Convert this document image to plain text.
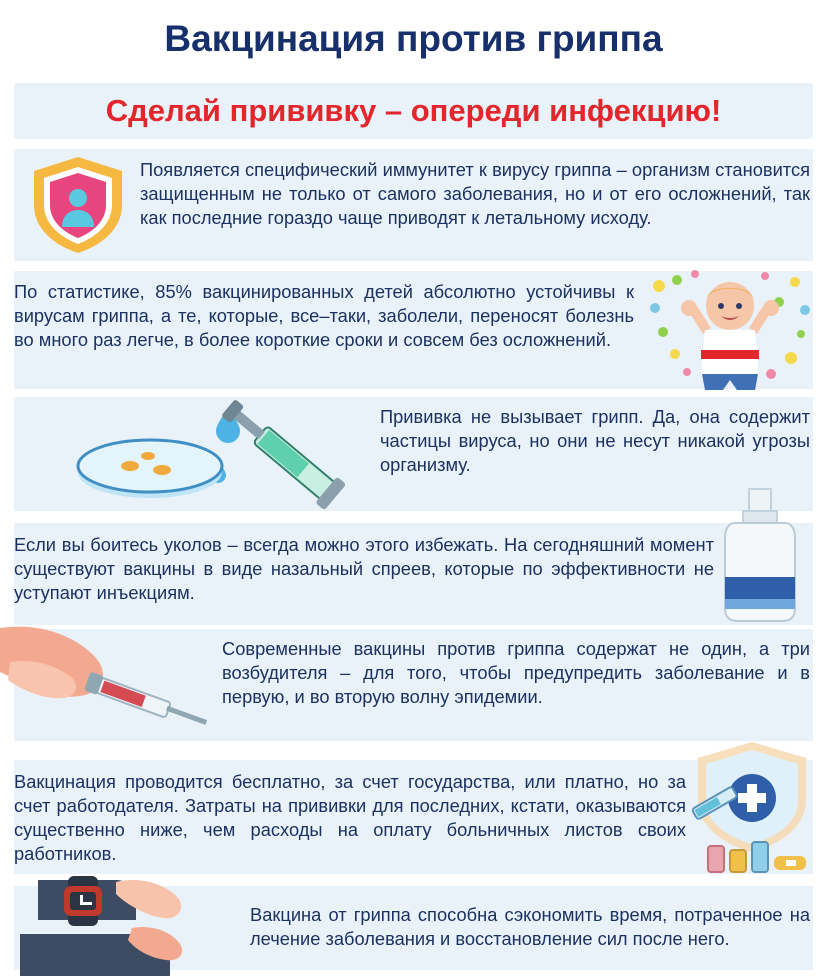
Вакцинация против гриппа
Сделай прививку – опереди инфекцию!
Появляется специфический иммунитет к вирусу гриппа – организм становится защищенным не только от самого заболевания, но и от его осложнений, так как последние гораздо чаще приводят к летальному исходу.
По статистике, 85% вакцинированных детей абсолютно устойчивы к вирусам гриппа, а те, которые, все–таки, заболели, переносят болезнь во много раз легче, в более короткие сроки и совсем без осложнений.
Прививка не вызывает грипп. Да, она содержит частицы вируса, но они не несут никакой угрозы организму.
Если вы боитесь уколов – всегда можно этого избежать. На сегодняшний момент существуют вакцины в виде назальный спреев, которые по эффективности не уступают инъекциям.
Современные вакцины против гриппа содержат не один, а три возбудителя – для того, чтобы предупредить заболевание и в первую, и во вторую волну эпидемии.
Вакцинация проводится бесплатно, за счет государства, или платно, но за счет работодателя. Затраты на прививки для последних, кстати, оказываются существенно ниже, чем расходы на оплату больничных листов своих работников.
Вакцина от гриппа способна сэкономить время, потраченное на лечение заболевания и восстановление сил после него.
